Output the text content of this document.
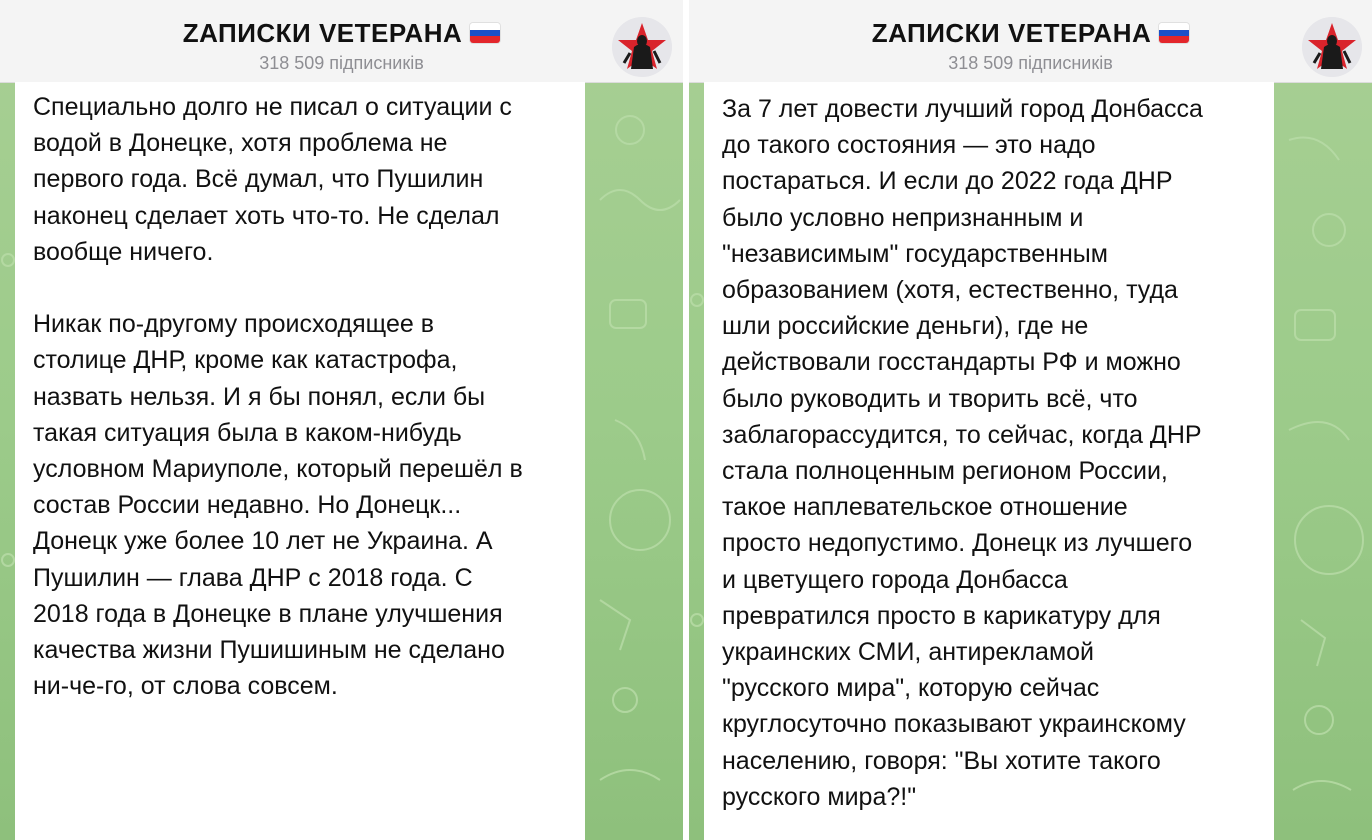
ZАПИСКИ VЕТЕРАНА
318 509 підписників
Специально долго не писал о ситуации с
водой в Донецке, хотя проблема не
первого года. Всё думал, что Пушилин
наконец сделает хоть что-то. Не сделал
вообще ничего.

Никак по-другому происходящее в
столице ДНР, кроме как катастрофа,
назвать нельзя. И я бы понял, если бы
такая ситуация была в каком-нибудь
условном Мариуполе, который перешёл в
состав России недавно. Но Донецк...
Донецк уже более 10 лет не Украина. А
Пушилин — глава ДНР с 2018 года. С
2018 года в Донецке в плане улучшения
качества жизни Пушишиным не сделано
ни-че-го, от слова совсем.
ZАПИСКИ VЕТЕРАНА
318 509 підписників
За 7 лет довести лучший город Донбасса
до такого состояния — это надо
постараться. И если до 2022 года ДНР
было условно непризнанным и
"независимым" государственным
образованием (хотя, естественно, туда
шли российские деньги), где не
действовали госстандарты РФ и можно
было руководить и творить всё, что
заблагорассудится, то сейчас, когда ДНР
стала полноценным регионом России,
такое наплевательское отношение
просто недопустимо. Донецк из лучшего
и цветущего города Донбасса
превратился просто в карикатуру для
украинских СМИ, антирекламой
"русского мира", которую сейчас
круглосуточно показывают украинскому
населению, говоря: "Вы хотите такого
русского мира?!"
